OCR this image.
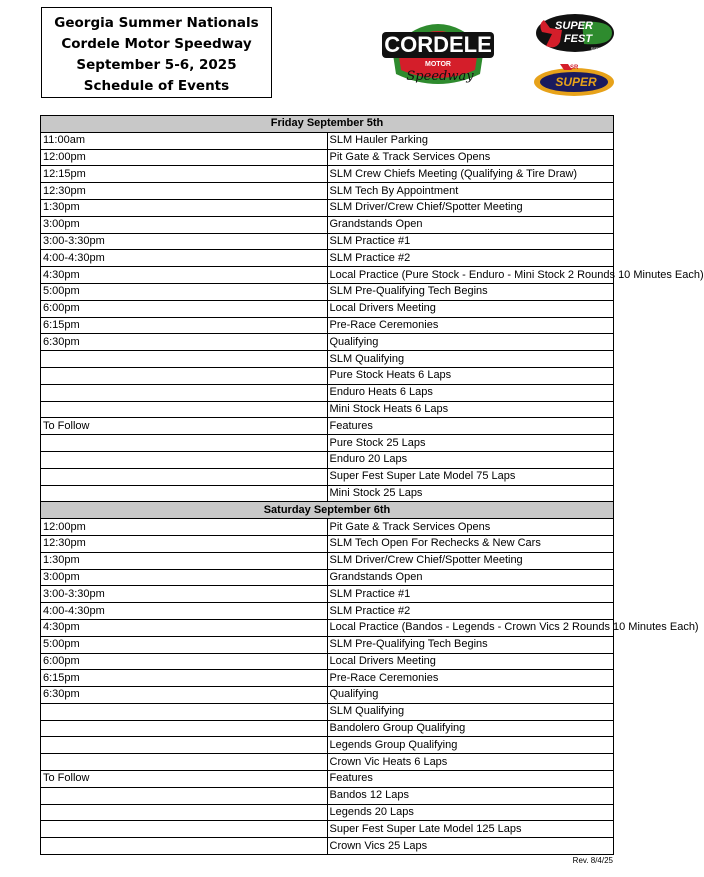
Georgia Summer Nationals
Cordele Motor Speedway
September 5-6, 2025
Schedule of Events
CORDELE
MOTOR
Speedway
SUPER
FEST
SERIES
ASR
SUPER
Friday September 5th	
11:00am	SLM Hauler Parking
12:00pm	Pit Gate & Track Services Opens
12:15pm	SLM Crew Chiefs Meeting (Qualifying & Tire Draw)
12:30pm	SLM Tech By Appointment
1:30pm	SLM Driver/Crew Chief/Spotter Meeting
3:00pm	Grandstands Open
3:00-3:30pm	SLM Practice #1
4:00-4:30pm	SLM Practice #2
4:30pm	Local Practice (Pure Stock - Enduro - Mini Stock 2 Rounds 10 Minutes Each)
5:00pm	SLM Pre-Qualifying Tech Begins
6:00pm	Local Drivers Meeting
6:15pm	Pre-Race Ceremonies
6:30pm	Qualifying
	SLM Qualifying
	Pure Stock Heats 6 Laps
	Enduro Heats 6 Laps
	Mini Stock Heats 6 Laps
To Follow	Features
	Pure Stock 25 Laps
	Enduro 20 Laps
	Super Fest Super Late Model 75 Laps
	Mini Stock 25 Laps
Saturday September 6th	
12:00pm	Pit Gate & Track Services Opens
12:30pm	SLM Tech Open For Rechecks & New Cars
1:30pm	SLM Driver/Crew Chief/Spotter Meeting
3:00pm	Grandstands Open
3:00-3:30pm	SLM Practice #1
4:00-4:30pm	SLM Practice #2
4:30pm	Local Practice (Bandos - Legends - Crown Vics 2 Rounds 10 Minutes Each)
5:00pm	SLM Pre-Qualifying Tech Begins
6:00pm	Local Drivers Meeting
6:15pm	Pre-Race Ceremonies
6:30pm	Qualifying
	SLM Qualifying
	Bandolero Group Qualifying
	Legends Group Qualifying
	Crown Vic Heats 6 Laps
To Follow	Features
	Bandos 12 Laps
	Legends 20 Laps
	Super Fest Super Late Model 125 Laps
	Crown Vics 25 Laps
Rev. 8/4/25
